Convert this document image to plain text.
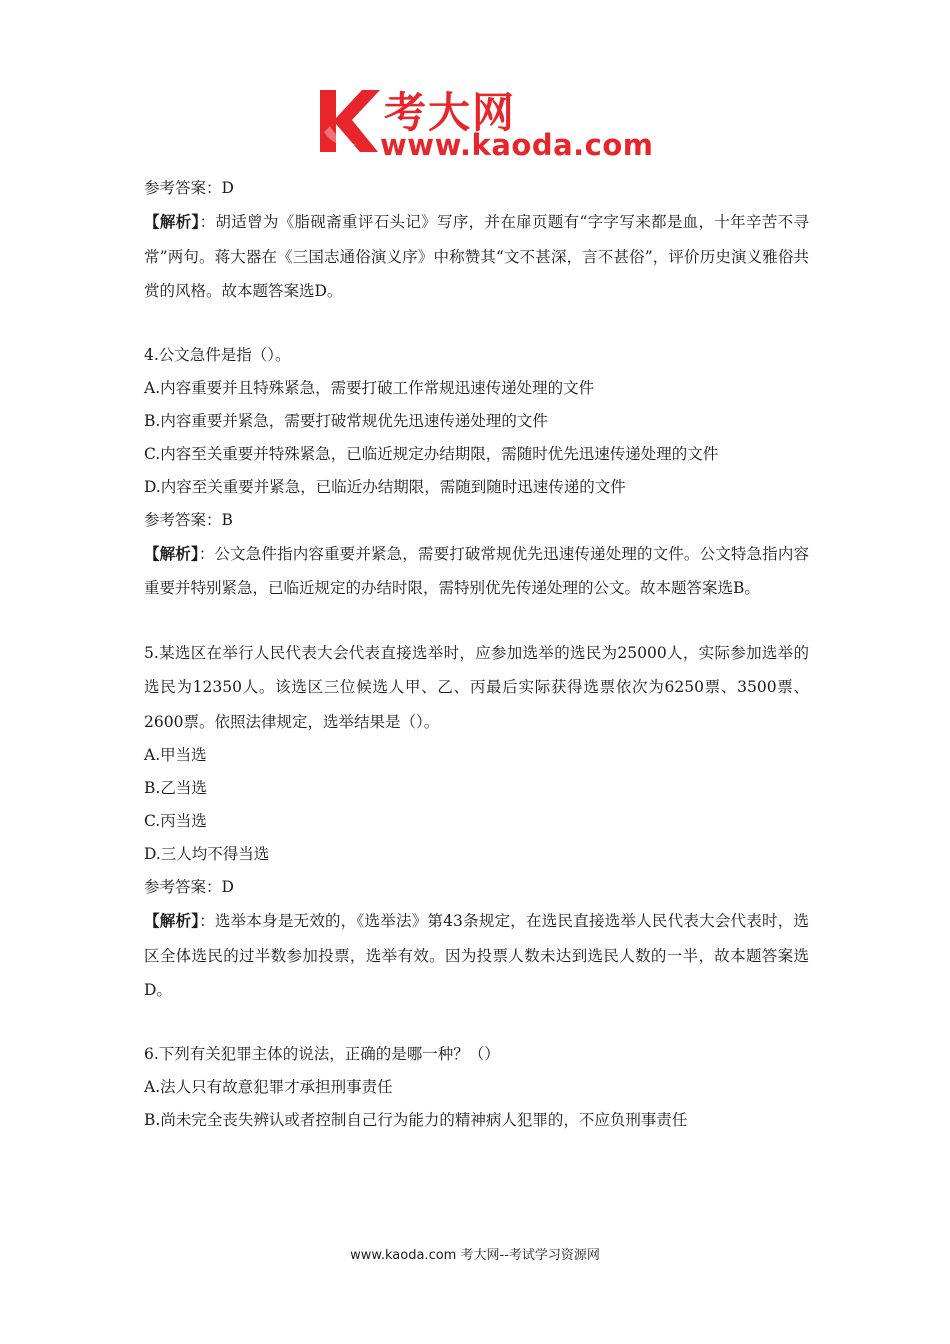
考大网
www.kaoda.com
参考答案：D
【解析】：胡适曾为《脂砚斋重评石头记》写序，并在扉页题有“字字写来都是血，十年辛苦不寻常”两句。蒋大器在《三国志通俗演义序》中称赞其“文不甚深，言不甚俗”，评价历史演义雅俗共赏的风格。故本题答案选D。
4.公文急件是指（）。
A.内容重要并且特殊紧急，需要打破工作常规迅速传递处理的文件
B.内容重要并紧急，需要打破常规优先迅速传递处理的文件
C.内容至关重要并特殊紧急，已临近规定办结期限，需随时优先迅速传递处理的文件
D.内容至关重要并紧急，已临近办结期限，需随到随时迅速传递的文件
参考答案：B
【解析】：公文急件指内容重要并紧急，需要打破常规优先迅速传递处理的文件。公文特急指内容重要并特别紧急，已临近规定的办结时限，需特别优先传递处理的公文。故本题答案选B。
5.某选区在举行人民代表大会代表直接选举时，应参加选举的选民为25000人，实际参加选举的选民为12350人。该选区三位候选人甲、乙、丙最后实际获得选票依次为6250票、3500票、2600票。依照法律规定，选举结果是（）。
A.甲当选
B.乙当选
C.丙当选
D.三人均不得当选
参考答案：D
【解析】：选举本身是无效的，《选举法》第43条规定，在选民直接选举人民代表大会代表时，选区全体选民的过半数参加投票，选举有效。因为投票人数未达到选民人数的一半，故本题答案选D。
6.下列有关犯罪主体的说法，正确的是哪一种？（）
A.法人只有故意犯罪才承担刑事责任
B.尚未完全丧失辨认或者控制自己行为能力的精神病人犯罪的，不应负刑事责任
www.kaoda.com 考大网--考试学习资源网
